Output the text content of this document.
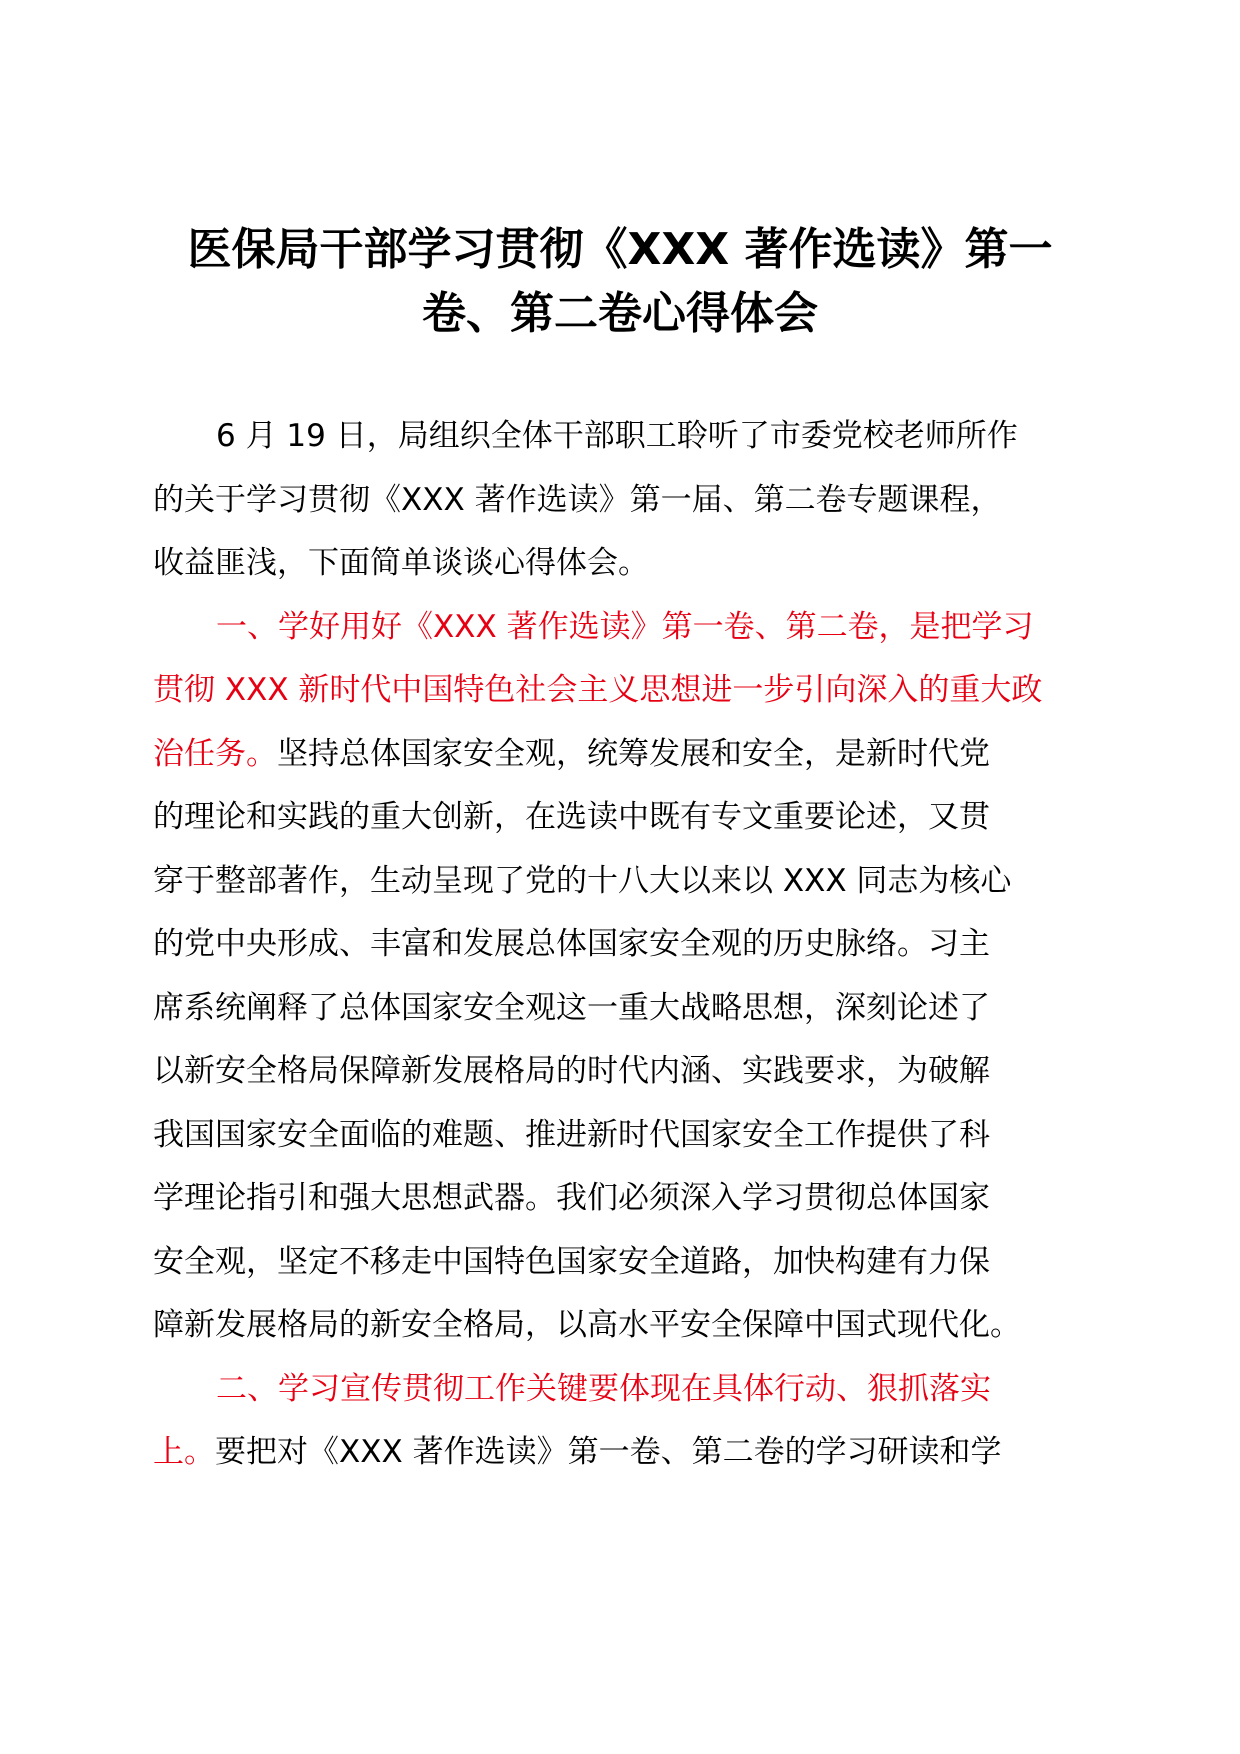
医保局干部学习贯彻《XXX 著作选读》第一
卷、第二卷心得体会

6 月 19 日，局组织全体干部职工聆听了市委党校老师所作
的关于学习贯彻《XXX 著作选读》第一届、第二卷专题课程，
收益匪浅，下面简单谈谈心得体会。

一、学好用好《XXX 著作选读》第一卷、第二卷，是把学习
贯彻 XXX 新时代中国特色社会主义思想进一步引向深入的重大政
治任务。坚持总体国家安全观，统筹发展和安全，是新时代党
的理论和实践的重大创新，在选读中既有专文重要论述，又贯
穿于整部著作，生动呈现了党的十八大以来以 XXX 同志为核心
的党中央形成、丰富和发展总体国家安全观的历史脉络。习主
席系统阐释了总体国家安全观这一重大战略思想，深刻论述了
以新安全格局保障新发展格局的时代内涵、实践要求，为破解
我国国家安全面临的难题、推进新时代国家安全工作提供了科
学理论指引和强大思想武器。我们必须深入学习贯彻总体国家
安全观，坚定不移走中国特色国家安全道路，加快构建有力保
障新发展格局的新安全格局，以高水平安全保障中国式现代化。

二、学习宣传贯彻工作关键要体现在具体行动、狠抓落实
上。要把对《XXX 著作选读》第一卷、第二卷的学习研读和学
